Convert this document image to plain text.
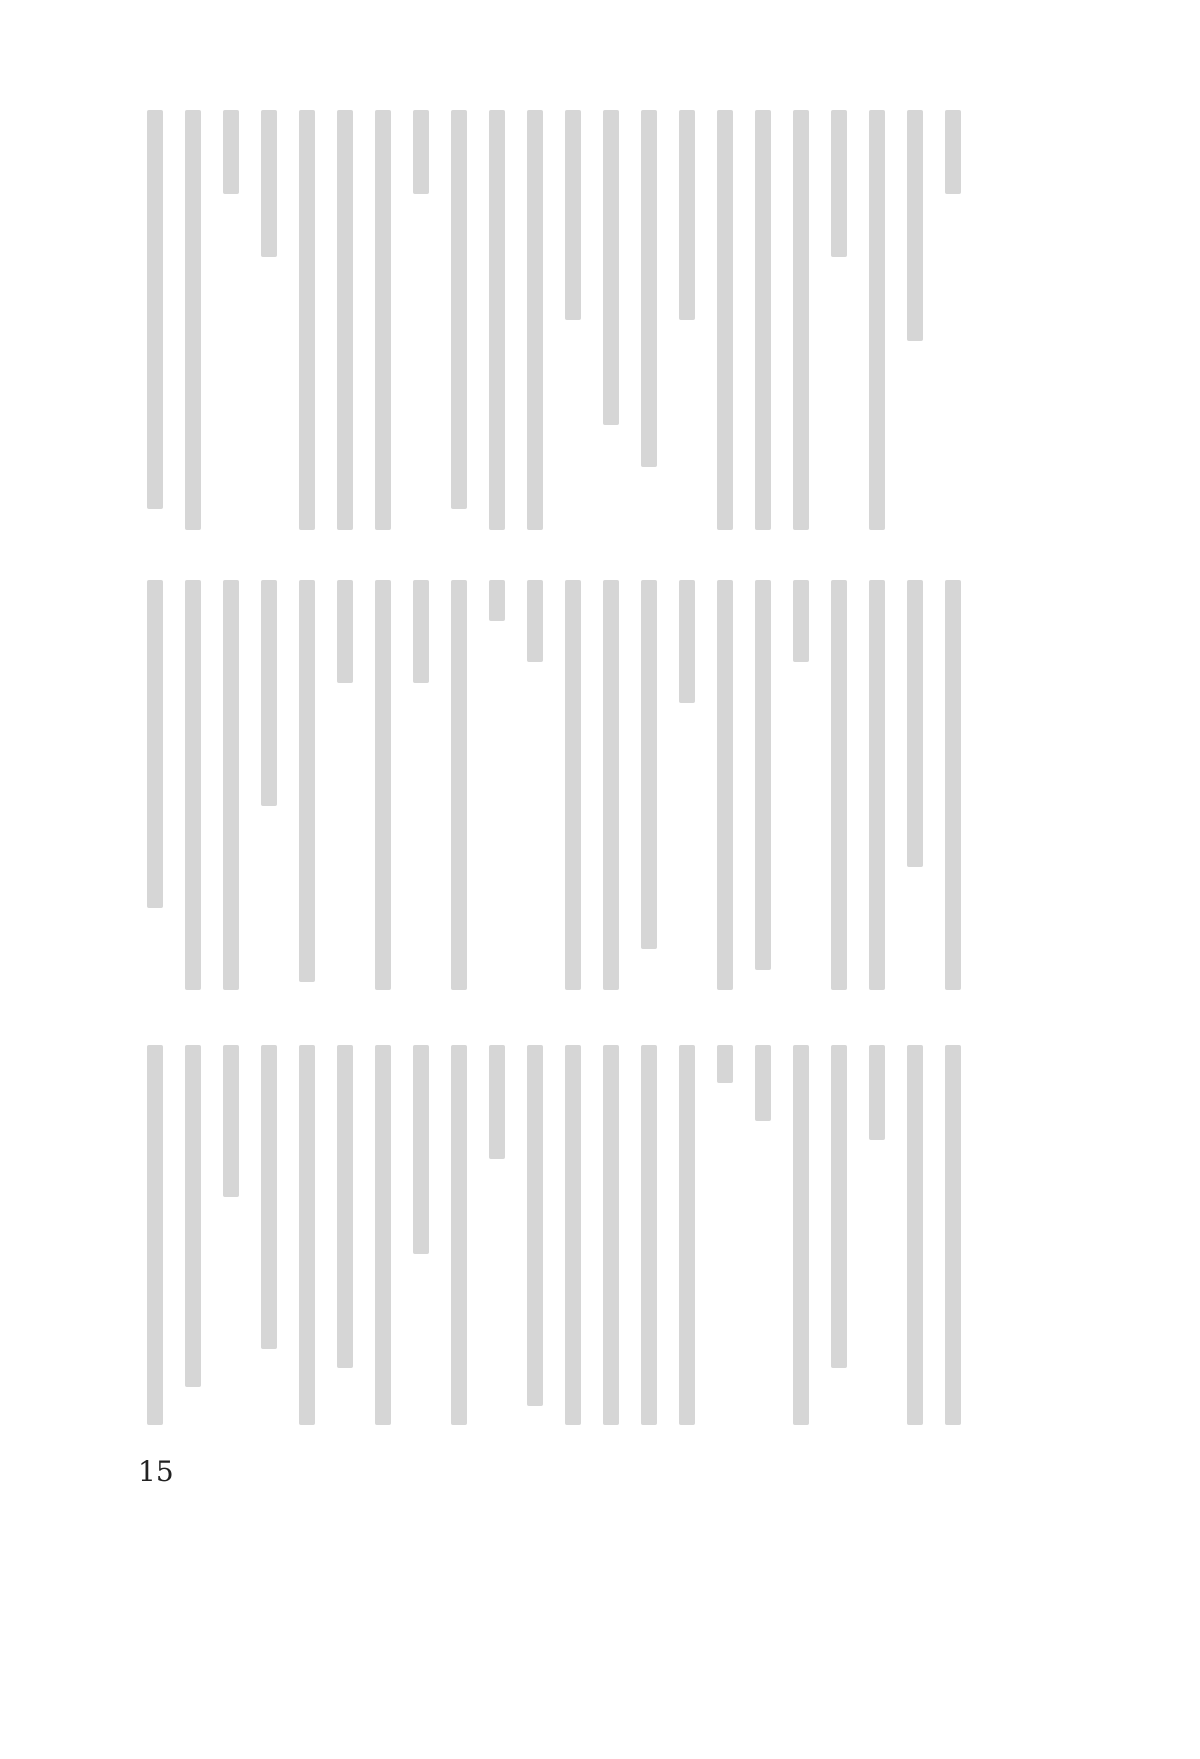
15
